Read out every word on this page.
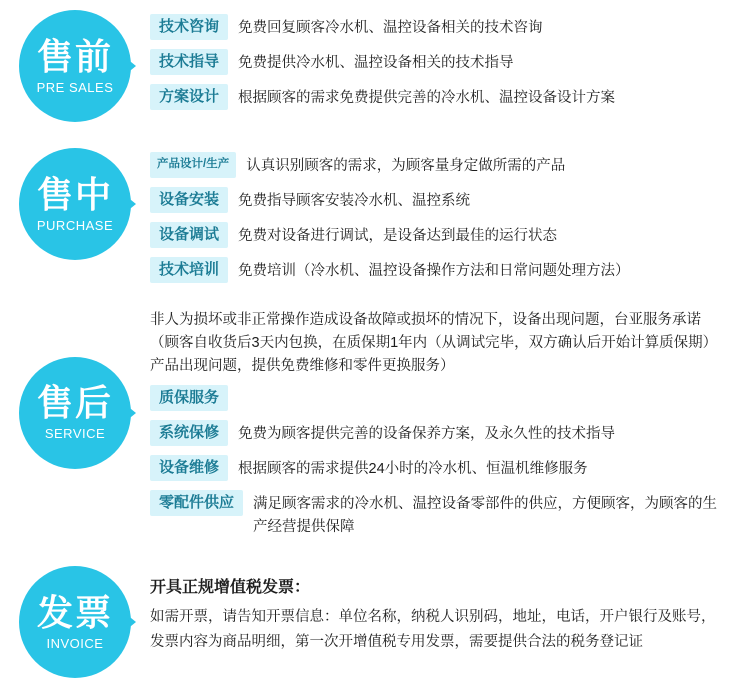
售前
PRE SALES
技术咨询	免费回复顾客冷水机、温控设备相关的技术咨询
技术指导	免费提供冷水机、温控设备相关的技术指导
方案设计	根据顾客的需求免费提供完善的冷水机、温控设备设计方案
售中
PURCHASE
产品设计/生产	认真识别顾客的需求，为顾客量身定做所需的产品
设备安装	免费指导顾客安装冷水机、温控系统
设备调试	免费对设备进行调试，是设备达到最佳的运行状态
技术培训	免费培训（冷水机、温控设备操作方法和日常问题处理方法）
售后
SERVICE
非人为损坏或非正常操作造成设备故障或损坏的情况下，设备出现问题，台亚服务承诺（顾客自收货后3天内包换，在质保期1年内（从调试完毕，双方确认后开始计算质保期）产品出现问题，提供免费维修和零件更换服务）
质保服务
系统保修	免费为顾客提供完善的设备保养方案，及永久性的技术指导
设备维修	根据顾客的需求提供24小时的冷水机、恒温机维修服务
零配件供应	满足顾客需求的冷水机、温控设备零部件的供应，方便顾客，为顾客的生产经营提供保障
发票
INVOICE
开具正规增值税发票：
如需开票，请告知开票信息：单位名称，纳税人识别码，地址，电话，开户银行及账号，发票内容为商品明细，第一次开增值税专用发票，需要提供合法的税务登记证
